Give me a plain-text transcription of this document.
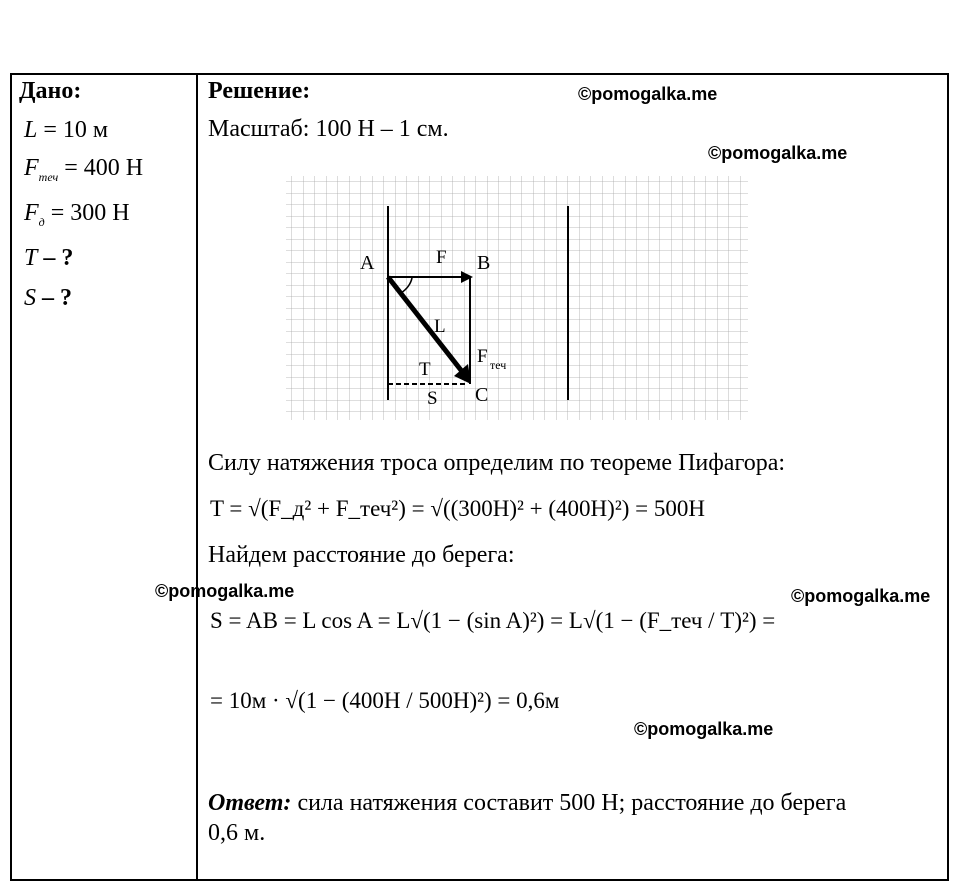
Дано:
L = 10 м
$F_{теч} = 400$ Н
$F_д = 300$ Н
T – ?
S – ?
Решение:
Масштаб: 100 Н – 1 см.
A	F B
L
F теч
T
C
S
Силу натяжения троса определим по теореме Пифагора:
T = √(F_д² + F_теч²) = √((300H)² + (400H)²) = 500H
Найдем расстояние до берега:
S = AB = L cos A = L√(1 − (sin A)²) = L√(1 − (F_теч / T)²) =
= 10м · √(1 − (400H / 500H)²) = 0,6м
Ответ: сила натяжения составит 500 Н; расстояние до берега
0,6 м.
©pomogalka.me
©pomogalka.me
©pomogalka.me	©pomogalka.me
©pomogalka.me
